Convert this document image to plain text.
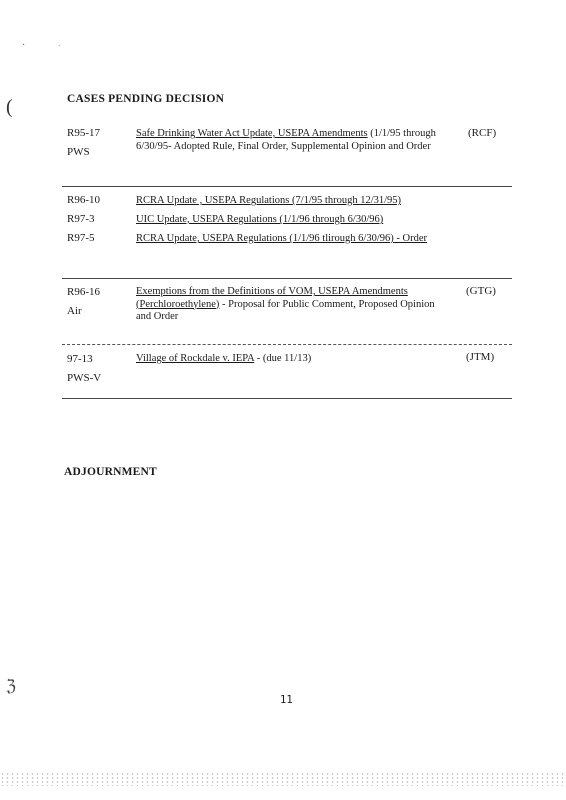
·	·
(
ℨ
CASES PENDING DECISION
R95-17
PWS
Safe Drinking Water Act Update, USEPA Amendments (1/1/95 through 6/30/95- Adopted Rule, Final Order, Supplemental Opinion and Order
(RCF)
R96-10
R97-3
R97-5
RCRA Update , USEPA Regulations (7/1/95 through 12/31/95)
UIC Update, USEPA Regulations (1/1/96 through 6/30/96)
RCRA Update, USEPA Regulations (1/1/96 tlirough 6/30/96) - Order
R96-16
Air
Exemptions from the Definitions of VOM, USEPA Amendments (Perchloroethylene) - Proposal for Public Comment, Proposed Opinion and Order
(GTG)
97-13
PWS-V
Village of Rockdale v. IEPA - (due 11/13)	(JTM)
ADJOURNMENT
11
